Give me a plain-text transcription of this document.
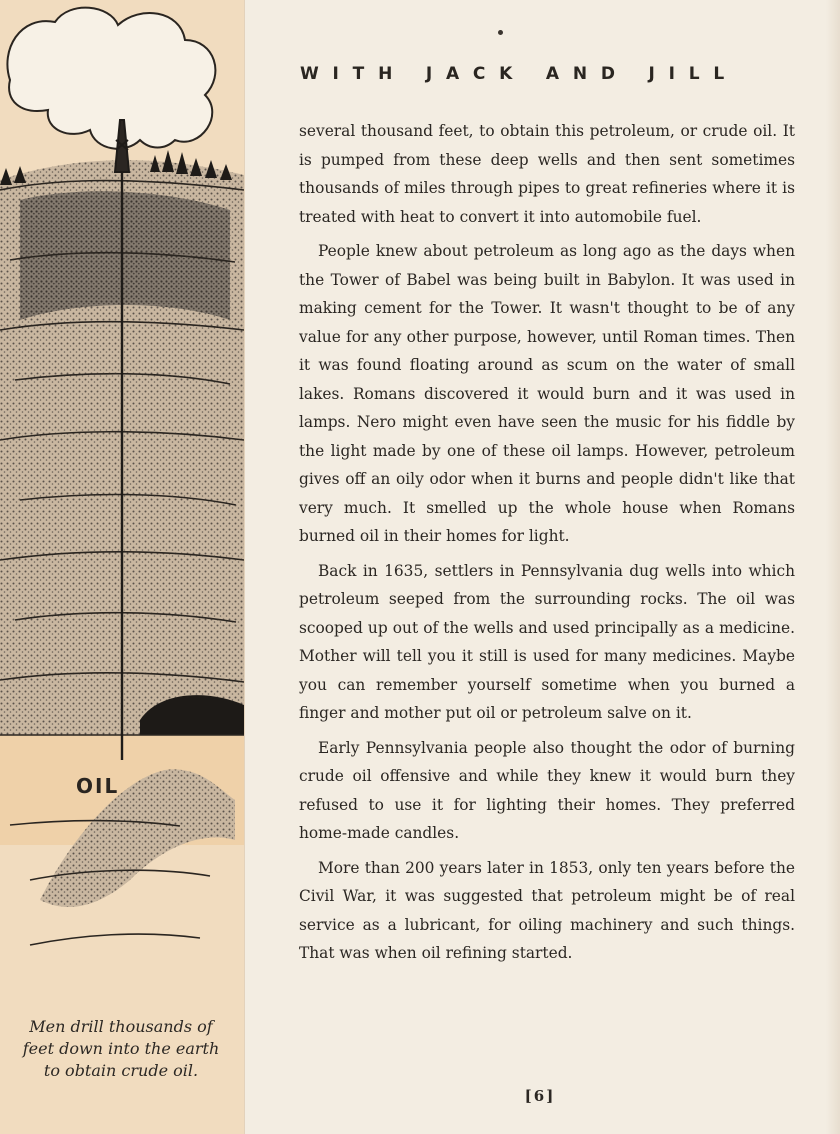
OIL
Men drill thousands of
feet down into the earth
to obtain crude oil.
WITH JACK AND JILL

several thousand feet, to obtain this petroleum, or crude oil. It is pumped from these deep wells and then sent sometimes thousands of miles through pipes to great refineries where it is treated with heat to convert it into automobile fuel.

People knew about petroleum as long ago as the days when the Tower of Babel was being built in Babylon. It was used in making cement for the Tower. It wasn't thought to be of any value for any other purpose, however, until Roman times. Then it was found floating around as scum on the water of small lakes. Romans discovered it would burn and it was used in lamps. Nero might even have seen the music for his fiddle by the light made by one of these oil lamps. However, petroleum gives off an oily odor when it burns and people didn't like that very much. It smelled up the whole house when Romans burned oil in their homes for light.

Back in 1635, settlers in Pennsylvania dug wells into which petroleum seeped from the surrounding rocks. The oil was scooped up out of the wells and used principally as a medicine. Mother will tell you it still is used for many medicines. Maybe you can remember yourself sometime when you burned a finger and mother put oil or petroleum salve on it.

Early Pennsylvania people also thought the odor of burning crude oil offensive and while they knew it would burn they refused to use it for lighting their homes. They preferred home-made candles.

More than 200 years later in 1853, only ten years before the Civil War, it was suggested that petroleum might be of real service as a lubricant, for oiling machinery and such things. That was when oil refining started.

[6]
